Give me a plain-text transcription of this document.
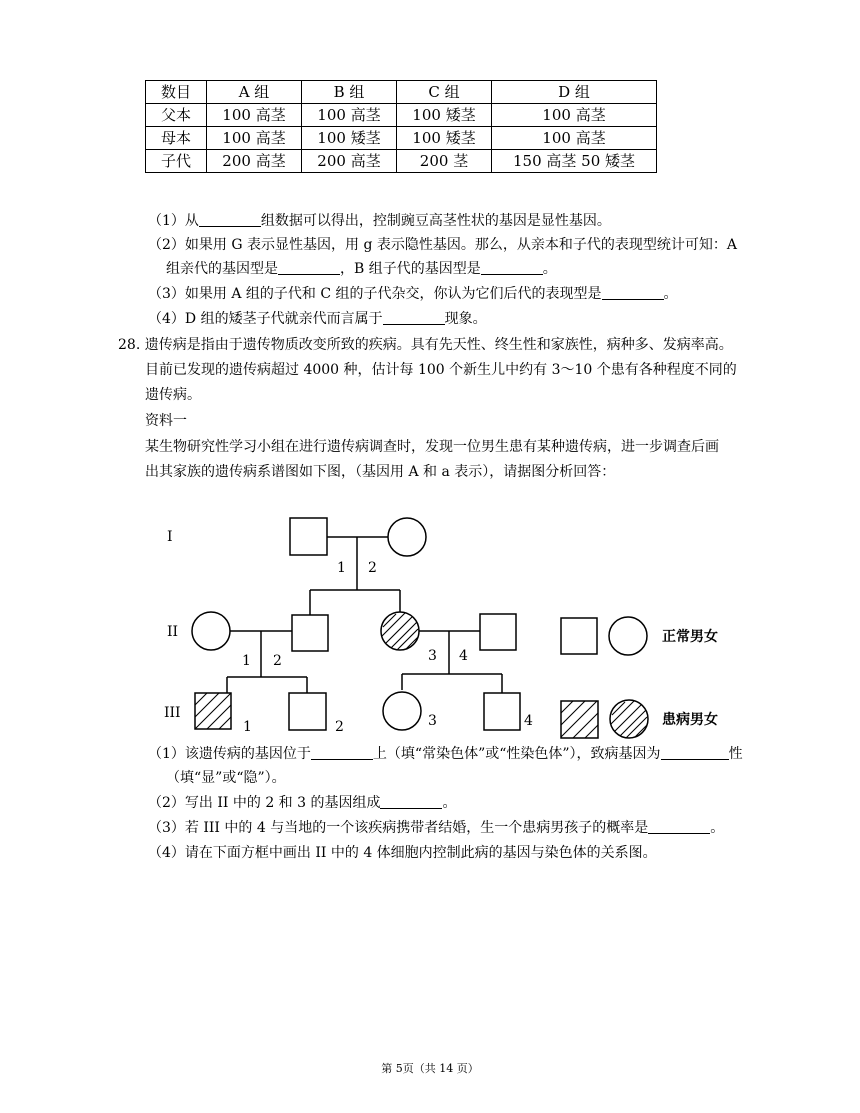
数目	A 组	B 组	C 组	D 组
父本	100 高茎	100 高茎	100 矮茎	100 高茎
母本	100 高茎	100 矮茎	100 矮茎	100 高茎
子代	200 高茎	200 高茎	200 茎	150 高茎 50 矮茎
（1）从	组数据可以得出，控制豌豆高茎性状的基因是显性基因。
（2）如果用 G 表示显性基因，用 g 表示隐性基因。那么，从亲本和子代的表现型统计可知：A
组亲代的基因型是	，B 组子代的基因型是	。
（3）如果用 A 组的子代和 C 组的子代杂交，你认为它们后代的表现型是	。
（4）D 组的矮茎子代就亲代而言属于	现象。
28. 遗传病是指由于遗传物质改变所致的疾病。具有先天性、终生性和家族性，病种多、发病率高。
目前已发现的遗传病超过 4000 种，估计每 100 个新生儿中约有 3～10 个患有各种程度不同的
遗传病。
资料一
某生物研究性学习小组在进行遗传病调查时，发现一位男生患有某种遗传病，进一步调查后画
出其家族的遗传病系谱图如下图，（基因用 A 和 a 表示），请据图分析回答：
I
II
III
1 2
1 2	3 4
1	2	3	4
正常男女
患病男女
（1）该遗传病的基因位于	上（填“常染色体”或“性染色体”），致病基因为	性
（填“显”或“隐”）。
（2）写出 II 中的 2 和 3 的基因组成	。
（3）若 III 中的 4 与当地的一个该疾病携带者结婚，生一个患病男孩子的概率是	。
（4）请在下面方框中画出 II 中的 4 体细胞内控制此病的基因与染色体的关系图。
第 5页（共 14 页）
